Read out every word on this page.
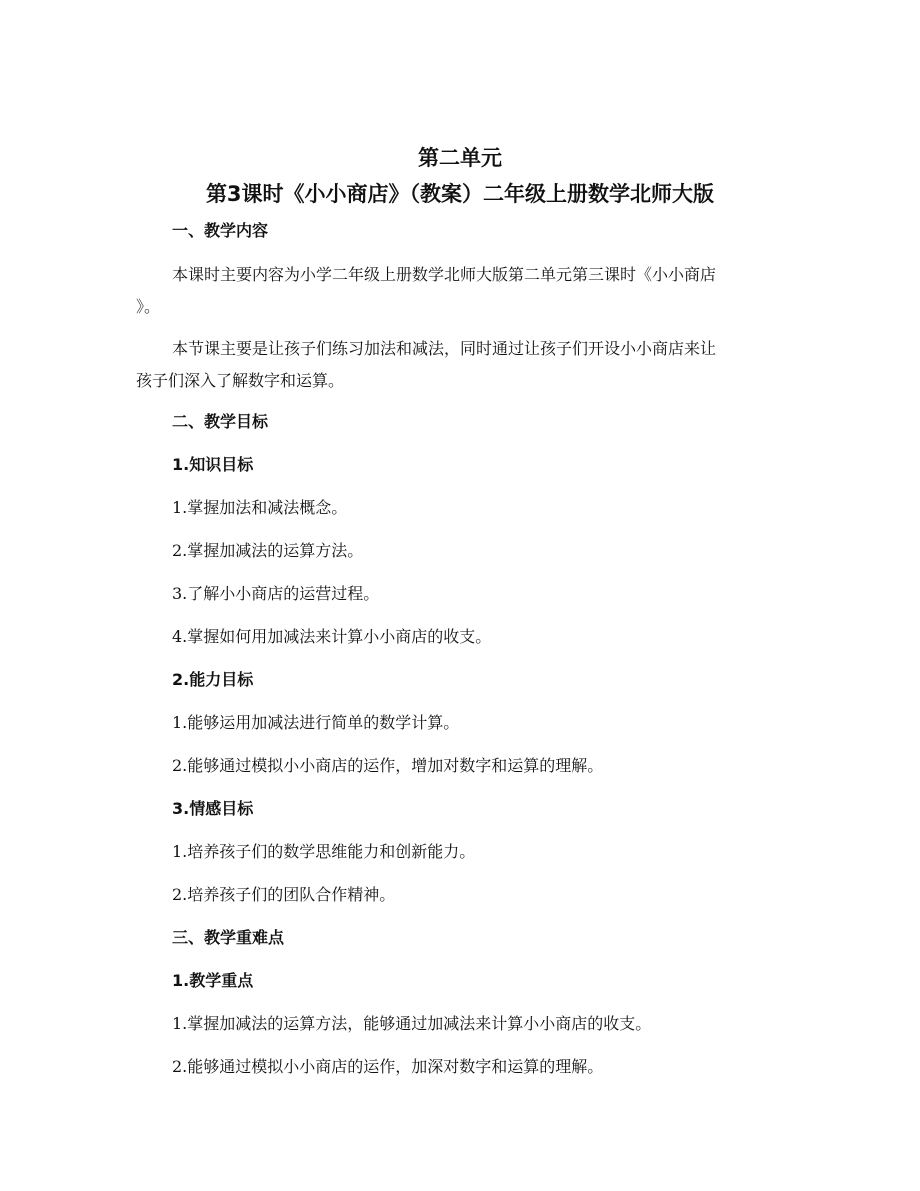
第二单元
第3课时《小小商店》（教案）二年级上册数学北师大版
一、教学内容
本课时主要内容为小学二年级上册数学北师大版第二单元第三课时《小小商店
》。
本节课主要是让孩子们练习加法和减法，同时通过让孩子们开设小小商店来让
孩子们深入了解数字和运算。
二、教学目标
1.知识目标
1.掌握加法和减法概念。
2.掌握加减法的运算方法。
3.了解小小商店的运营过程。
4.掌握如何用加减法来计算小小商店的收支。
2.能力目标
1.能够运用加减法进行简单的数学计算。
2.能够通过模拟小小商店的运作，增加对数字和运算的理解。
3.情感目标
1.培养孩子们的数学思维能力和创新能力。
2.培养孩子们的团队合作精神。
三、教学重难点
1.教学重点
1.掌握加减法的运算方法，能够通过加减法来计算小小商店的收支。
2.能够通过模拟小小商店的运作，加深对数字和运算的理解。
